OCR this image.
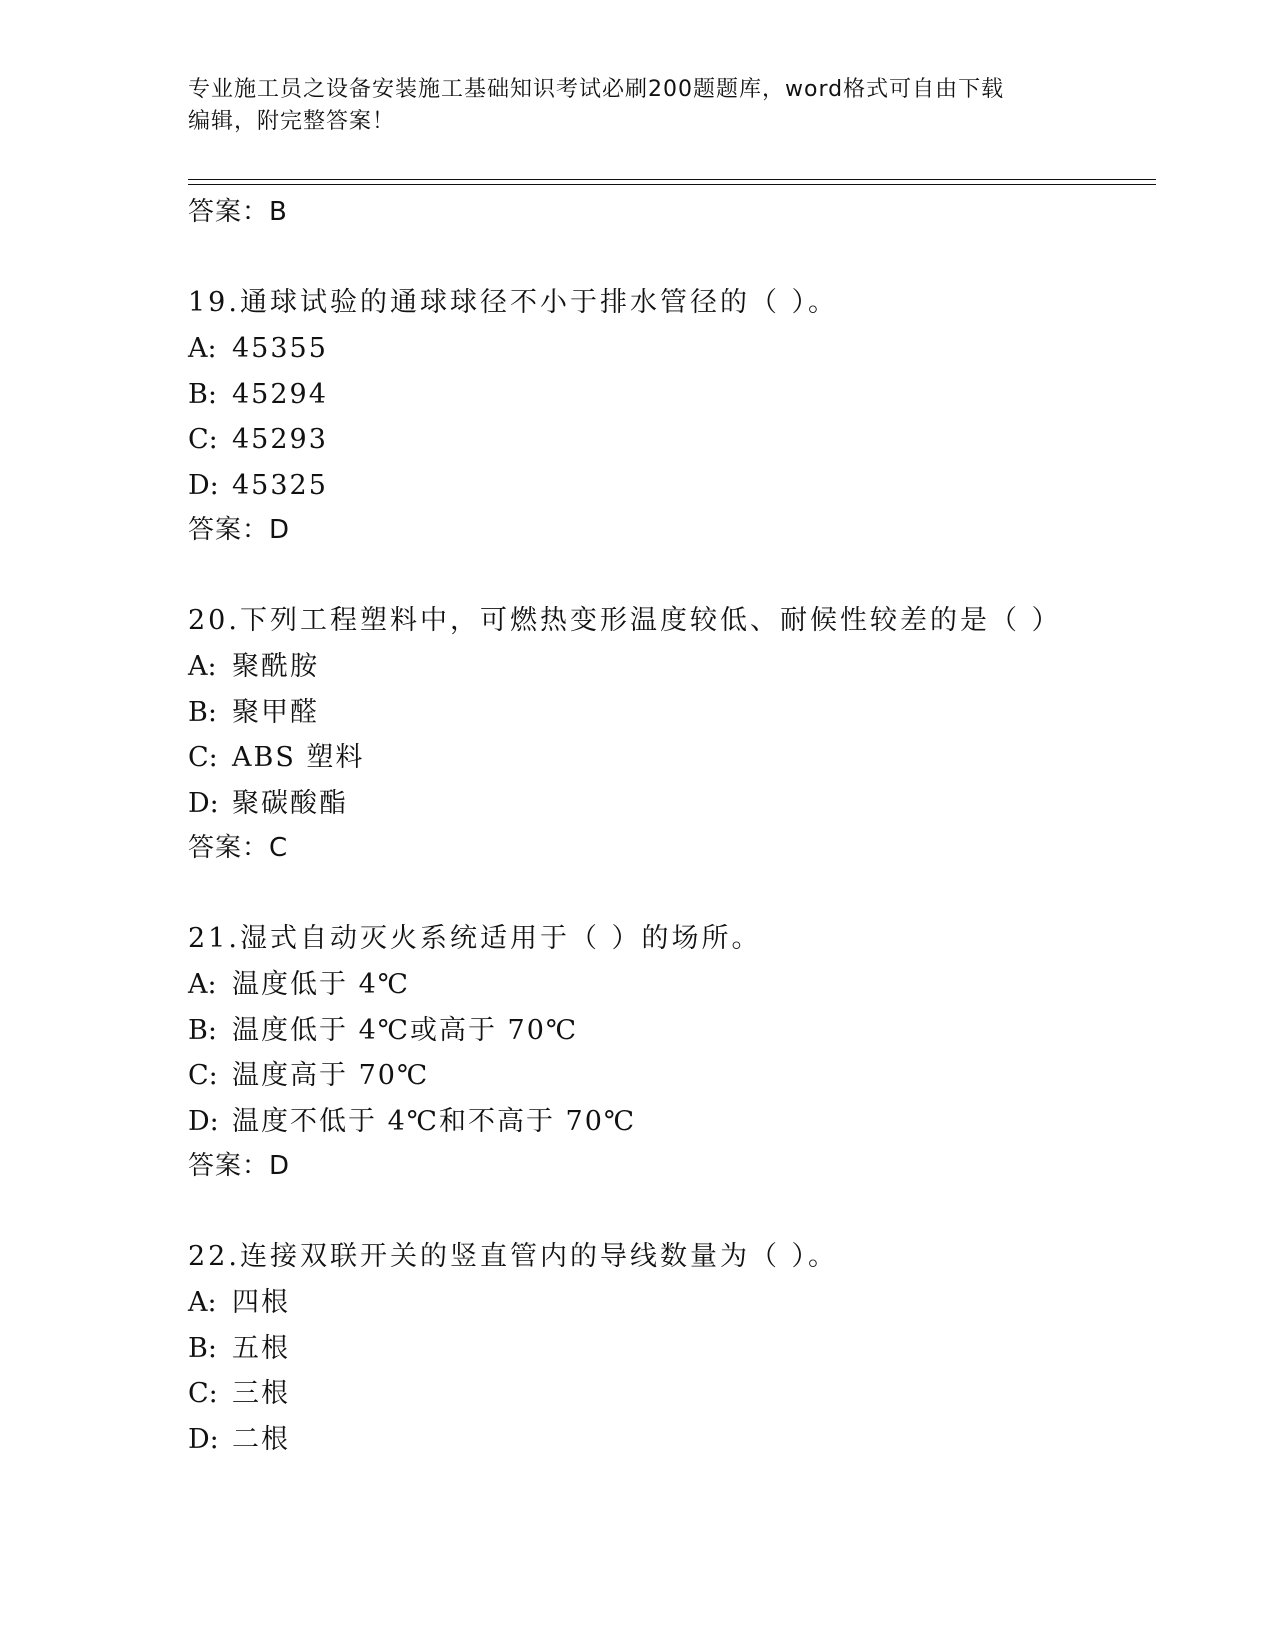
专业施工员之设备安装施工基础知识考试必刷200题题库，word格式可自由下载
编辑，附完整答案！
答案：B
19.通球试验的通球球径不小于排水管径的（ ）。
A: 45355
B: 45294
C: 45293
D: 45325
答案：D
20.下列工程塑料中，可燃热变形温度较低、耐候性较差的是（ ）
A: 聚酰胺
B: 聚甲醛
C: ABS 塑料
D: 聚碳酸酯
答案：C
21.湿式自动灭火系统适用于（ ）的场所。
A: 温度低于 4℃
B: 温度低于 4℃或高于 70℃
C: 温度高于 70℃
D: 温度不低于 4℃和不高于 70℃
答案：D
22.连接双联开关的竖直管内的导线数量为（ ）。
A: 四根
B: 五根
C: 三根
D: 二根
